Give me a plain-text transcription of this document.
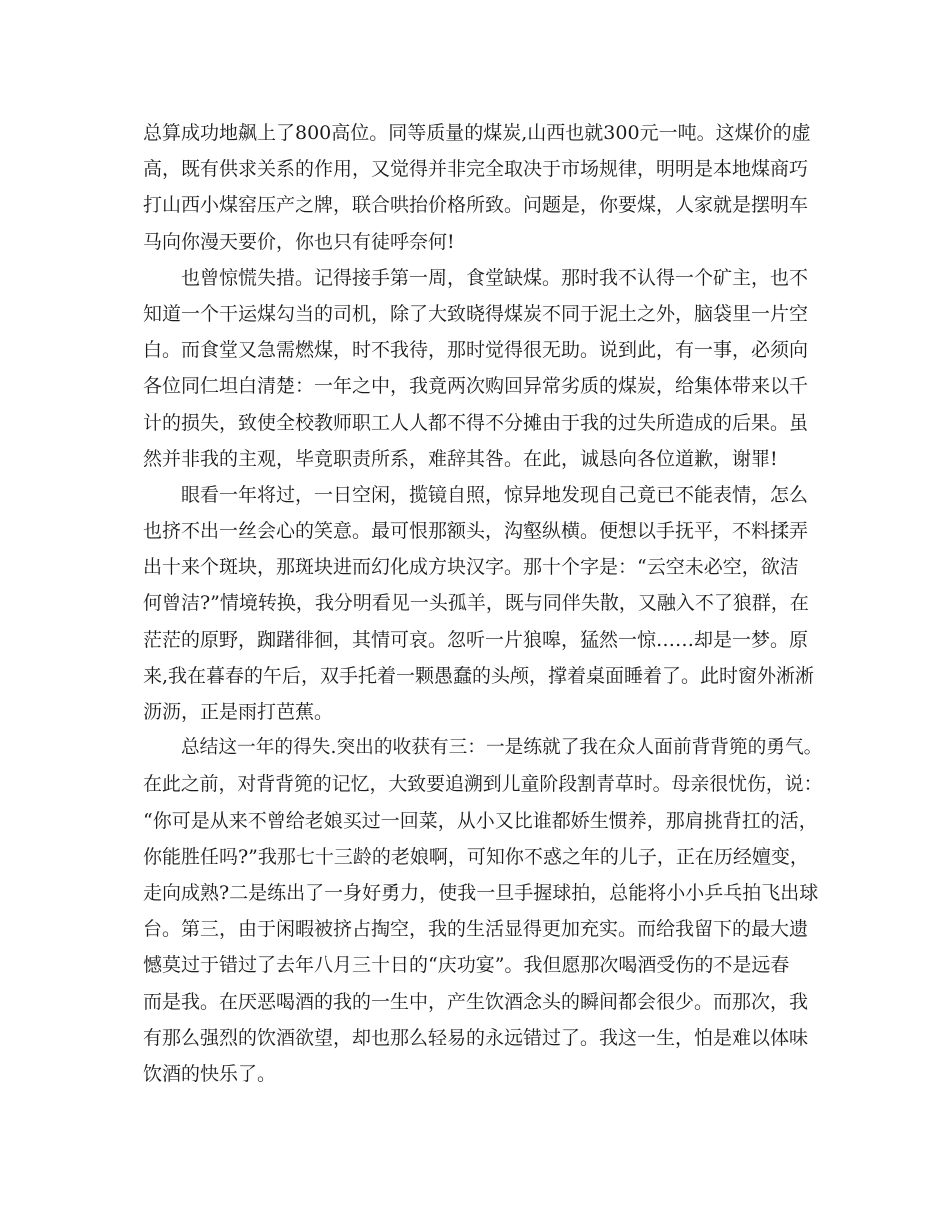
总算成功地飙上了800高位。同等质量的煤炭,山西也就300元一吨。这煤价的虚
高，既有供求关系的作用，又觉得并非完全取决于市场规律，明明是本地煤商巧
打山西小煤窑压产之牌，联合哄抬价格所致。问题是，你要煤，人家就是摆明车
马向你漫天要价，你也只有徒呼奈何!
也曾惊慌失措。记得接手第一周，食堂缺煤。那时我不认得一个矿主，也不
知道一个干运煤勾当的司机，除了大致晓得煤炭不同于泥土之外，脑袋里一片空
白。而食堂又急需燃煤，时不我待，那时觉得很无助。说到此，有一事，必须向
各位同仁坦白清楚：一年之中，我竟两次购回异常劣质的煤炭，给集体带来以千
计的损失，致使全校教师职工人人都不得不分摊由于我的过失所造成的后果。虽
然并非我的主观，毕竟职责所系，难辞其咎。在此，诚恳向各位道歉，谢罪!
眼看一年将过，一日空闲，揽镜自照，惊异地发现自己竟已不能表情，怎么
也挤不出一丝会心的笑意。最可恨那额头，沟壑纵横。便想以手抚平，不料揉弄
出十来个斑块，那斑块进而幻化成方块汉字。那十个字是：“云空未必空，欲洁
何曾洁?”情境转换，我分明看见一头孤羊，既与同伴失散，又融入不了狼群，在
茫茫的原野，踟躇徘徊，其情可哀。忽听一片狼嗥，猛然一惊……却是一梦。原
来,我在暮春的午后，双手托着一颗愚蠢的头颅，撑着桌面睡着了。此时窗外淅淅
沥沥，正是雨打芭蕉。
总结这一年的得失.突出的收获有三：一是练就了我在众人面前背背篼的勇气。
在此之前，对背背篼的记忆，大致要追溯到儿童阶段割青草时。母亲很忧伤，说：
“你可是从来不曾给老娘买过一回菜，从小又比谁都娇生惯养，那肩挑背扛的活，
你能胜任吗?”我那七十三龄的老娘啊，可知你不惑之年的儿子，正在历经嬗变，
走向成熟?二是练出了一身好勇力，使我一旦手握球拍，总能将小小乒乓拍飞出球
台。第三，由于闲暇被挤占掏空，我的生活显得更加充实。而给我留下的最大遗
憾莫过于错过了去年八月三十日的“庆功宴”。我但愿那次喝酒受伤的不是远春
而是我。在厌恶喝酒的我的一生中，产生饮酒念头的瞬间都会很少。而那次，我
有那么强烈的饮酒欲望，却也那么轻易的永远错过了。我这一生，怕是难以体味
饮酒的快乐了。
